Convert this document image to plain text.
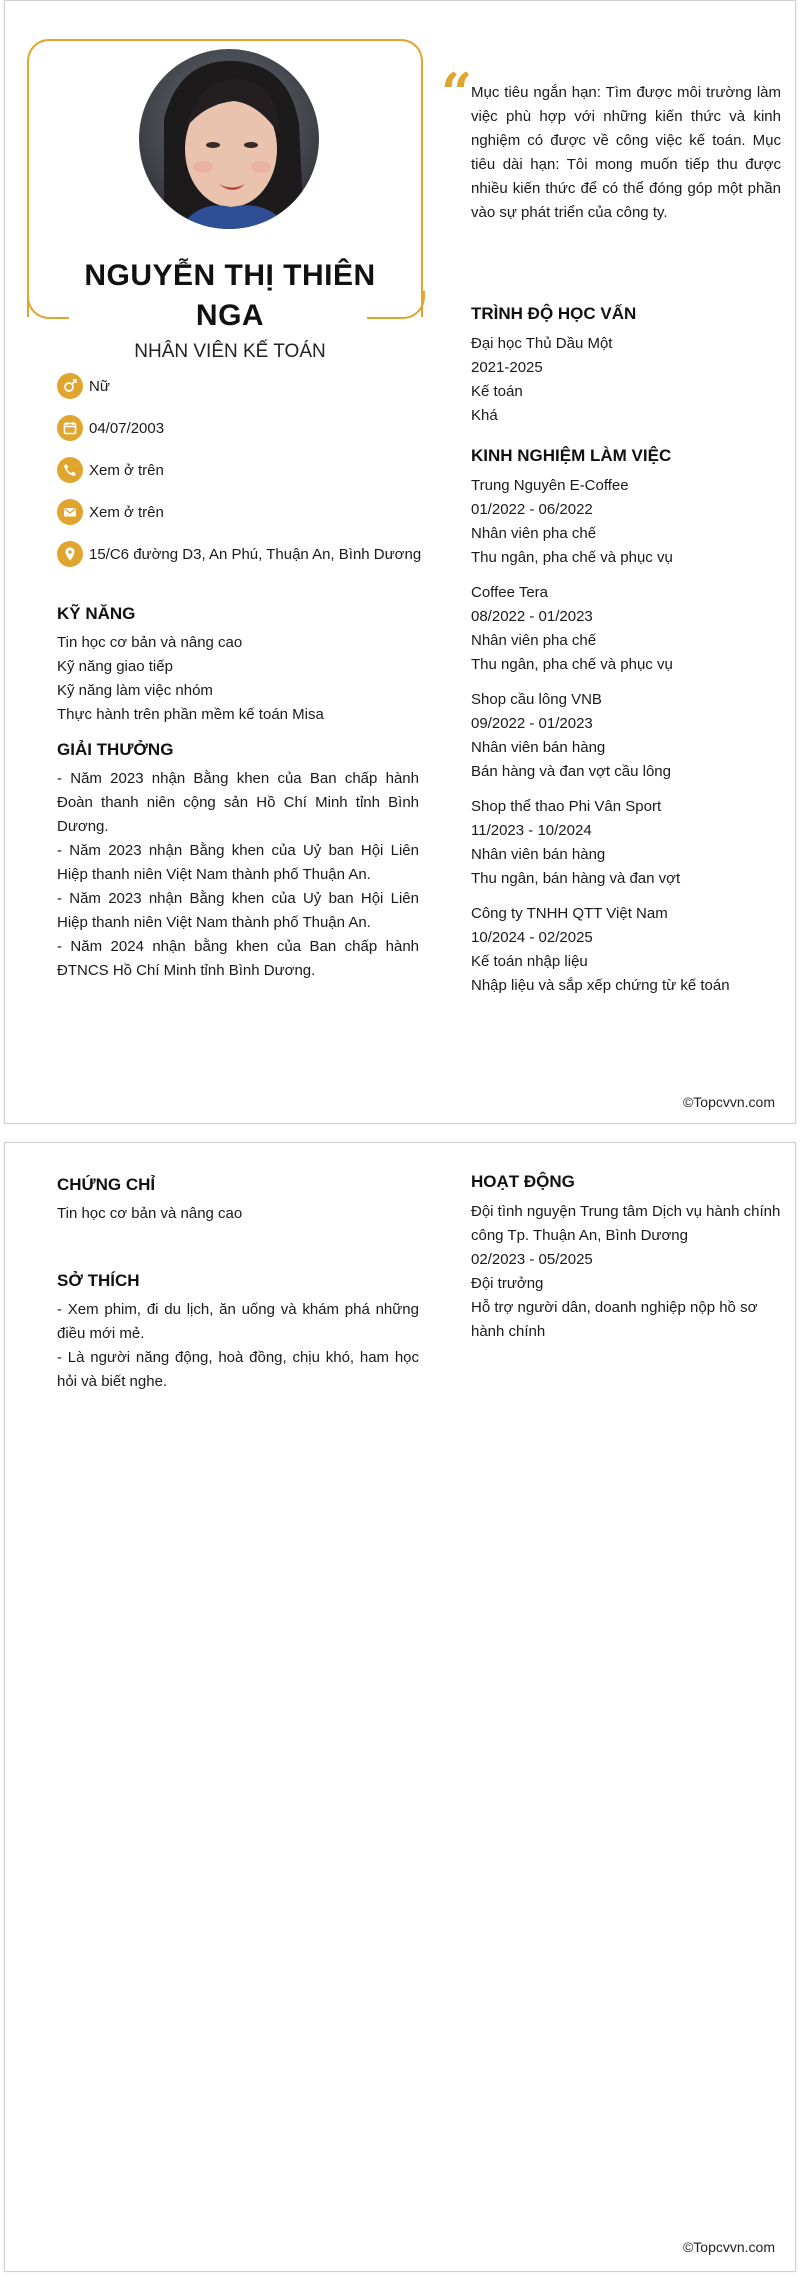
NGUYỄN THỊ THIÊN
NGA
NHÂN VIÊN KẾ TOÁN
Nữ
04/07/2003
Xem ở trên
Xem ở trên
15/C6 đường D3, An Phú, Thuận An, Bình Dương
KỸ NĂNG
Tin học cơ bản và nâng cao
Kỹ năng giao tiếp
Kỹ năng làm việc nhóm
Thực hành trên phần mềm kế toán Misa
GIẢI THƯỞNG
- Năm 2023 nhận Bằng khen của Ban chấp hành Đoàn thanh niên cộng sản Hồ Chí Minh tỉnh Bình Dương.
- Năm 2023 nhận Bằng khen của Uỷ ban Hội Liên Hiệp thanh niên Việt Nam thành phố Thuận An.
- Năm 2023 nhận Bằng khen của Uỷ ban Hội Liên Hiệp thanh niên Việt Nam thành phố Thuận An.
- Năm 2024 nhận bằng khen của Ban chấp hành ĐTNCS Hồ Chí Minh tỉnh Bình Dương.
“
Mục tiêu ngắn hạn: Tìm được môi trường làm việc phù hợp với những kiến thức và kinh nghiệm có được về công việc kế toán. Mục tiêu dài hạn: Tôi mong muốn tiếp thu được nhiều kiến thức để có thể đóng góp một phần vào sự phát triển của công ty.
TRÌNH ĐỘ HỌC VẤN
Đại học Thủ Dầu Một
2021-2025
Kế toán
Khá
KINH NGHIỆM LÀM VIỆC
Trung Nguyên E-Coffee
01/2022 - 06/2022
Nhân viên pha chế
Thu ngân, pha chế và phục vụ
Coffee Tera
08/2022 - 01/2023
Nhân viên pha chế
Thu ngân, pha chế và phục vụ
Shop cầu lông VNB
09/2022 - 01/2023
Nhân viên bán hàng
Bán hàng và đan vợt cầu lông
Shop thể thao Phi Vân Sport
11/2023 - 10/2024
Nhân viên bán hàng
Thu ngân, bán hàng và đan vợt
Công ty TNHH QTT Việt Nam
10/2024 - 02/2025
Kế toán nhập liệu
Nhập liệu và sắp xếp chứng từ kế toán
©Topcvvn.com
CHỨNG CHỈ
Tin học cơ bản và nâng cao
SỞ THÍCH
- Xem phim, đi du lịch, ăn uống và khám phá những điều mới mẻ.
- Là người năng động, hoà đồng, chịu khó, ham học hỏi và biết nghe.
HOẠT ĐỘNG
Đội tình nguyện Trung tâm Dịch vụ hành chính công Tp. Thuận An, Bình Dương
02/2023 - 05/2025
Đội trưởng
Hỗ trợ người dân, doanh nghiệp nộp hồ sơ hành chính
©Topcvvn.com
